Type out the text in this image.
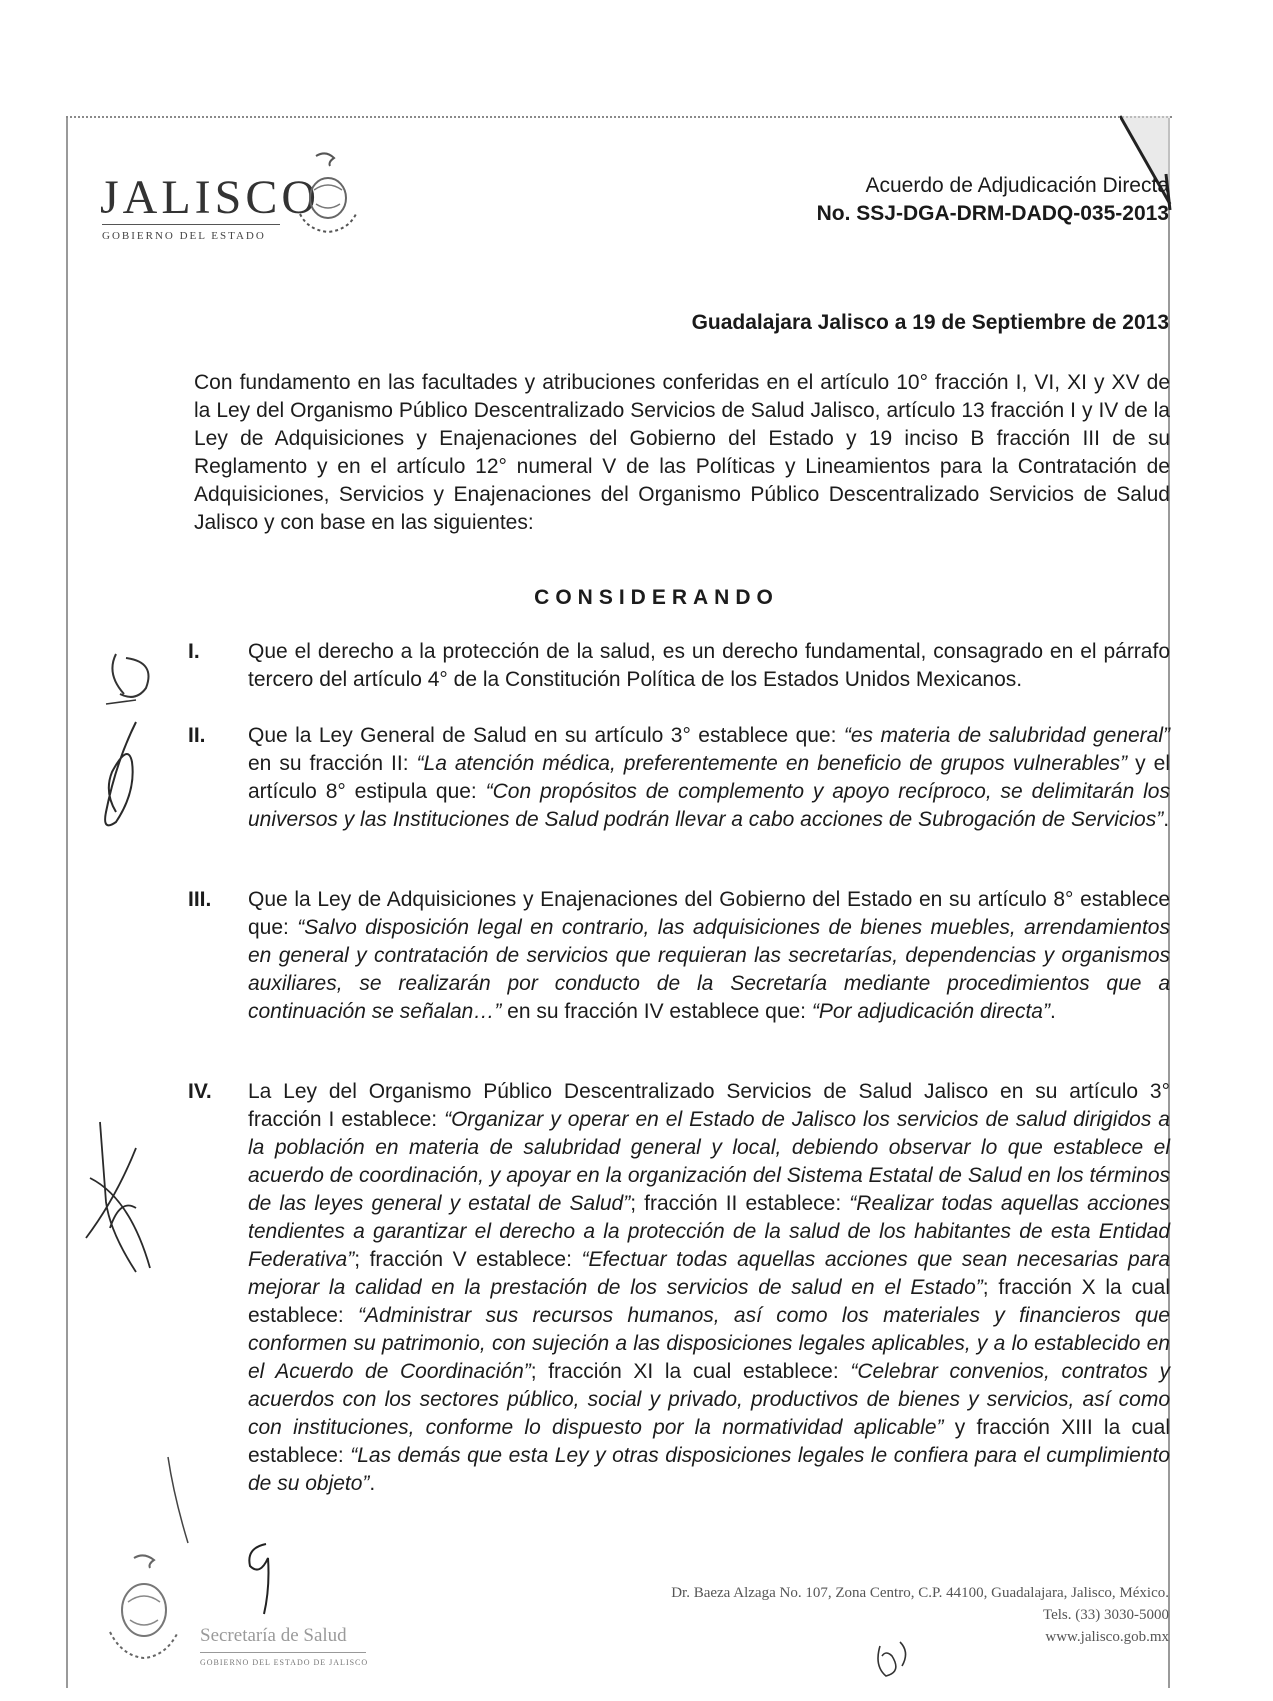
JALISCO
GOBIERNO DEL ESTADO
Acuerdo de Adjudicación Directa
No. SSJ-DGA-DRM-DADQ-035-2013
Guadalajara Jalisco a 19 de Septiembre de 2013
Con fundamento en las facultades y atribuciones conferidas en el artículo 10° fracción I, VI, XI y XV de la Ley del Organismo Público Descentralizado Servicios de Salud Jalisco, artículo 13 fracción I y IV de la Ley de Adquisiciones y Enajenaciones del Gobierno del Estado y 19 inciso B fracción III de su Reglamento y en el artículo 12° numeral V de las Políticas y Lineamientos para la Contratación de Adquisiciones, Servicios y Enajenaciones del Organismo Público Descentralizado Servicios de Salud Jalisco y con base en las siguientes:
CONSIDERANDO
I. Que el derecho a la protección de la salud, es un derecho fundamental, consagrado en el párrafo tercero del artículo 4° de la Constitución Política de los Estados Unidos Mexicanos.
II. Que la Ley General de Salud en su artículo 3° establece que: “es materia de salubridad general” en su fracción II: “La atención médica, preferentemente en beneficio de grupos vulnerables” y el artículo 8° estipula que: “Con propósitos de complemento y apoyo recíproco, se delimitarán los universos y las Instituciones de Salud podrán llevar a cabo acciones de Subrogación de Servicios”.
III. Que la Ley de Adquisiciones y Enajenaciones del Gobierno del Estado en su artículo 8° establece que: “Salvo disposición legal en contrario, las adquisiciones de bienes muebles, arrendamientos en general y contratación de servicios que requieran las secretarías, dependencias y organismos auxiliares, se realizarán por conducto de la Secretaría mediante procedimientos que a continuación se señalan…” en su fracción IV establece que: “Por adjudicación directa”.
IV. La Ley del Organismo Público Descentralizado Servicios de Salud Jalisco en su artículo 3° fracción I establece: “Organizar y operar en el Estado de Jalisco los servicios de salud dirigidos a la población en materia de salubridad general y local, debiendo observar lo que establece el acuerdo de coordinación, y apoyar en la organización del Sistema Estatal de Salud en los términos de las leyes general y estatal de Salud”; fracción II establece: “Realizar todas aquellas acciones tendientes a garantizar el derecho a la protección de la salud de los habitantes de esta Entidad Federativa”; fracción V establece: “Efectuar todas aquellas acciones que sean necesarias para mejorar la calidad en la prestación de los servicios de salud en el Estado”; fracción X la cual establece: “Administrar sus recursos humanos, así como los materiales y financieros que conformen su patrimonio, con sujeción a las disposiciones legales aplicables, y a lo establecido en el Acuerdo de Coordinación”; fracción XI la cual establece: “Celebrar convenios, contratos y acuerdos con los sectores público, social y privado, productivos de bienes y servicios, así como con instituciones, conforme lo dispuesto por la normatividad aplicable” y fracción XIII la cual establece: “Las demás que esta Ley y otras disposiciones legales le confiera para el cumplimiento de su objeto”.
Secretaría de Salud
GOBIERNO DEL ESTADO DE JALISCO
Dr. Baeza Alzaga No. 107, Zona Centro, C.P. 44100, Guadalajara, Jalisco, México.
Tels. (33) 3030-5000
www.jalisco.gob.mx
